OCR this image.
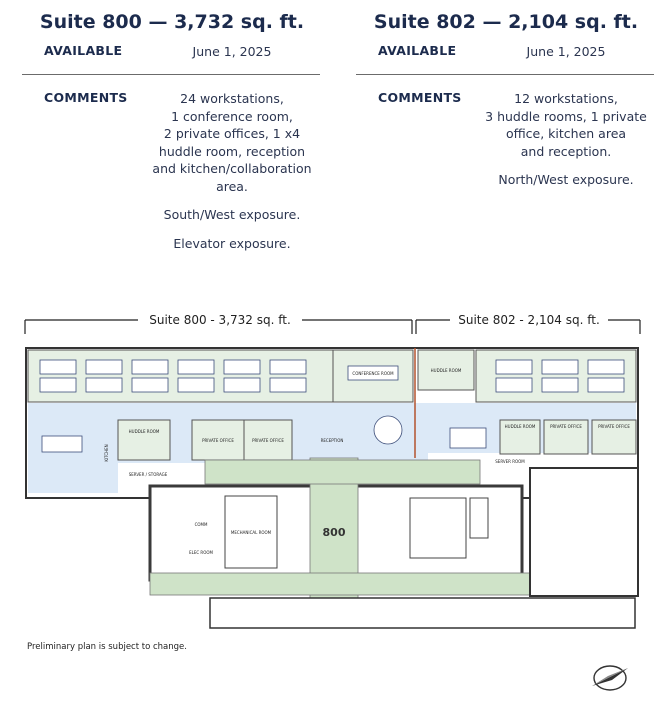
Suite 800 — 3,732 sq. ft.
AVAILABLE	June 1, 2025
COMMENTS	24 workstations,
1 conference room,
2 private offices, 1 x4
huddle room, reception
and kitchen/collaboration
area.

South/West exposure.

Elevator exposure.

Suite 802 — 2,104 sq. ft.
AVAILABLE	June 1, 2025
COMMENTS	12 workstations,
3 huddle rooms, 1 private
office, kitchen area
and reception.

North/West exposure.

Suite 800 - 3,732 sq. ft.	Suite 802 - 2,104 sq. ft.
CONFERENCE ROOM
HUDDLE ROOM
HUDDLE ROOM
PRIVATE OFFICE	PRIVATE OFFICE	RECEPTION
SERVER / STORAGE
KITCHEN
HUDDLE ROOM	PRIVATE OFFICE	PRIVATE OFFICE
SERVER ROOM
800
MECHANICAL ROOM
COMM
ELEC ROOM
Preliminary plan is subject to change.
